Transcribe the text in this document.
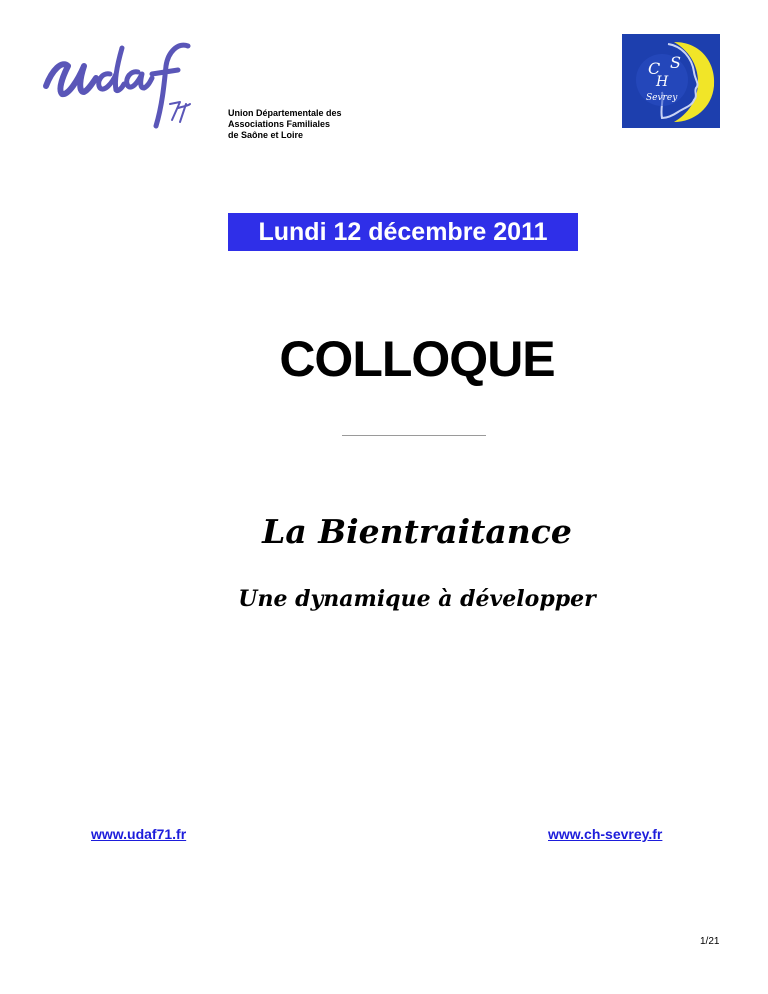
Union Départementale des
Associations Familiales
de Saône et Loire
C
H
S
Sevrey
Lundi 12 décembre 2011
COLLOQUE
La Bientraitance
Une dynamique à développer
www.udaf71.fr	www.ch-sevrey.fr
1/21
